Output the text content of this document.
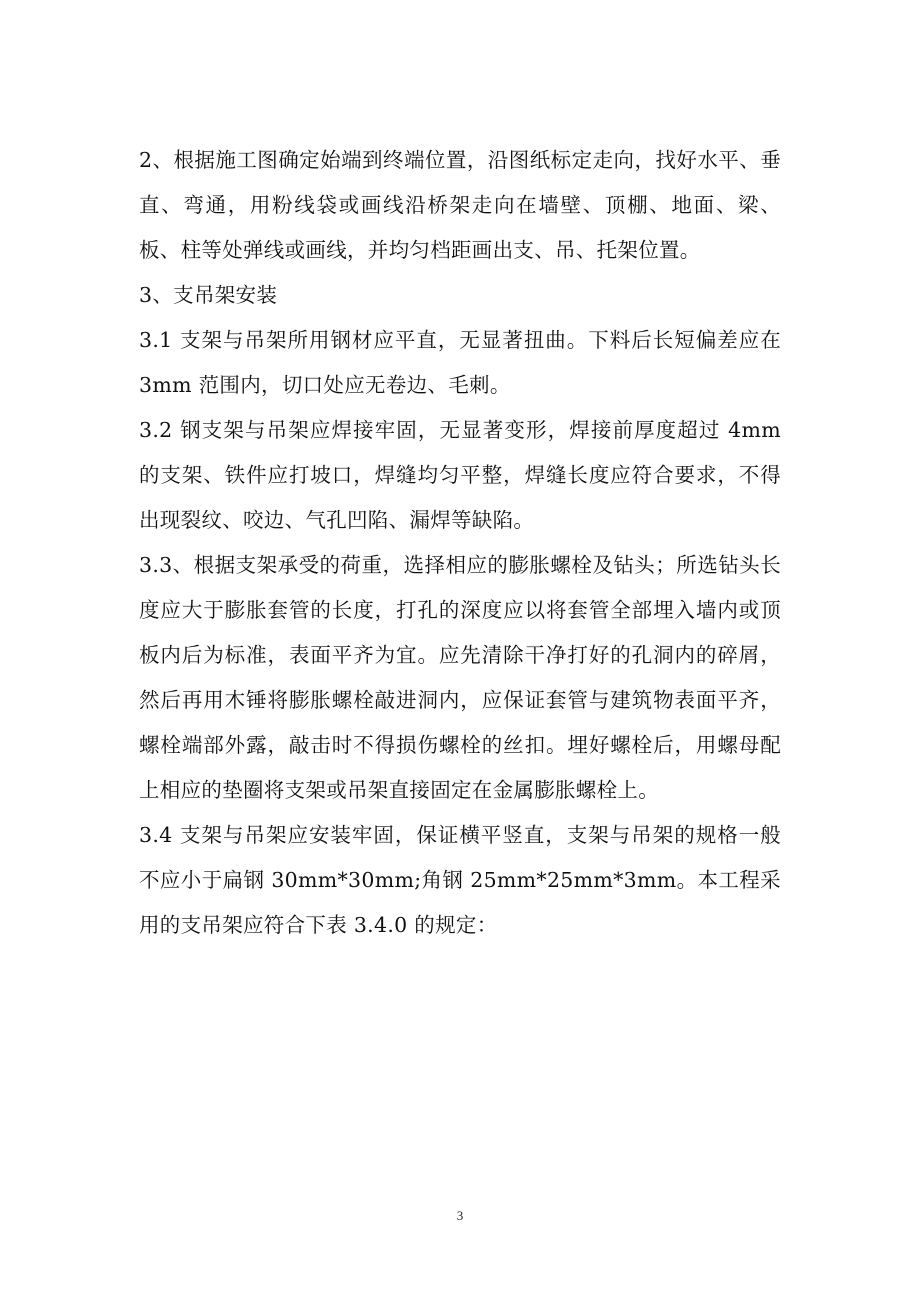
2、根据施工图确定始端到终端位置，沿图纸标定走向，找好水平、垂直、弯通，用粉线袋或画线沿桥架走向在墙壁、顶棚、地面、梁、板、柱等处弹线或画线，并均匀档距画出支、吊、托架位置。

3、支吊架安装

3.1 支架与吊架所用钢材应平直，无显著扭曲。下料后长短偏差应在 3mm 范围内，切口处应无卷边、毛刺。

3.2 钢支架与吊架应焊接牢固，无显著变形，焊接前厚度超过 4mm 的支架、铁件应打坡口，焊缝均匀平整，焊缝长度应符合要求，不得出现裂纹、咬边、气孔凹陷、漏焊等缺陷。

3.3、根据支架承受的荷重，选择相应的膨胀螺栓及钻头；所选钻头长度应大于膨胀套管的长度，打孔的深度应以将套管全部埋入墙内或顶板内后为标准，表面平齐为宜。应先清除干净打好的孔洞内的碎屑，然后再用木锤将膨胀螺栓敲进洞内，应保证套管与建筑物表面平齐，螺栓端部外露，敲击时不得损伤螺栓的丝扣。埋好螺栓后，用螺母配上相应的垫圈将支架或吊架直接固定在金属膨胀螺栓上。

3.4 支架与吊架应安装牢固，保证横平竖直，支架与吊架的规格一般不应小于扁钢 30mm*30mm;角钢 25mm*25mm*3mm。本工程采用的支吊架应符合下表 3.4.0 的规定：

3
